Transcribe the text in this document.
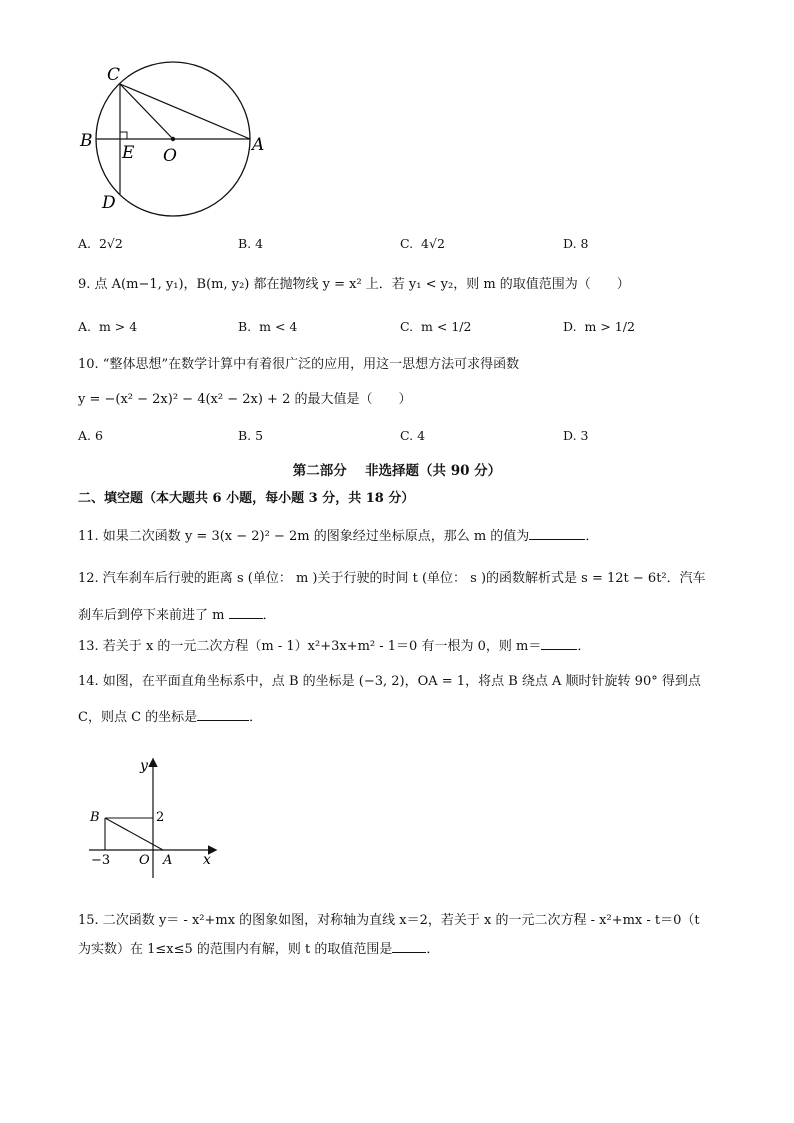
C
B
E O
A
D
A. 2√2	B. 4	C. 4√2	D. 8
9. 点 A(m−1, y₁)，B(m, y₂) 都在抛物线 y = x² 上．若 y₁ < y₂，则 m 的取值范围为（　　）
A. m > 4	B. m < 4	C. m < 1/2	D. m > 1/2
10. “整体思想”在数学计算中有着很广泛的应用，用这一思想方法可求得函数
y = −(x² − 2x)² − 4(x² − 2x) + 2 的最大值是（　　）
A. 6	B. 5	C. 4	D. 3
第二部分　 非选择题（共 90 分）
二、填空题（本大题共 6 小题，每小题 3 分，共 18 分）
11. 如果二次函数 y = 3(x − 2)² − 2m 的图象经过坐标原点，那么 m 的值为	．
12. 汽车刹车后行驶的距离 s (单位： m )关于行驶的时间 t (单位： s )的函数解析式是 s = 12t − 6t²．汽车
刹车后到停下来前进了 m	．
13. 若关于 x 的一元二次方程（m - 1）x²+3x+m² - 1＝0 有一根为 0，则 m＝	．
14. 如图，在平面直角坐标系中，点 B 的坐标是 (−3, 2)，OA = 1，将点 B 绕点 A 顺时针旋转 90° 得到点
C，则点 C 的坐标是	．
y
B	2
−3 O A x
15. 二次函数 y＝ - x²+mx 的图象如图，对称轴为直线 x＝2，若关于 x 的一元二次方程 - x²+mx - t＝0（t
为实数）在 1≤x≤5 的范围内有解，则 t 的取值范围是	．
